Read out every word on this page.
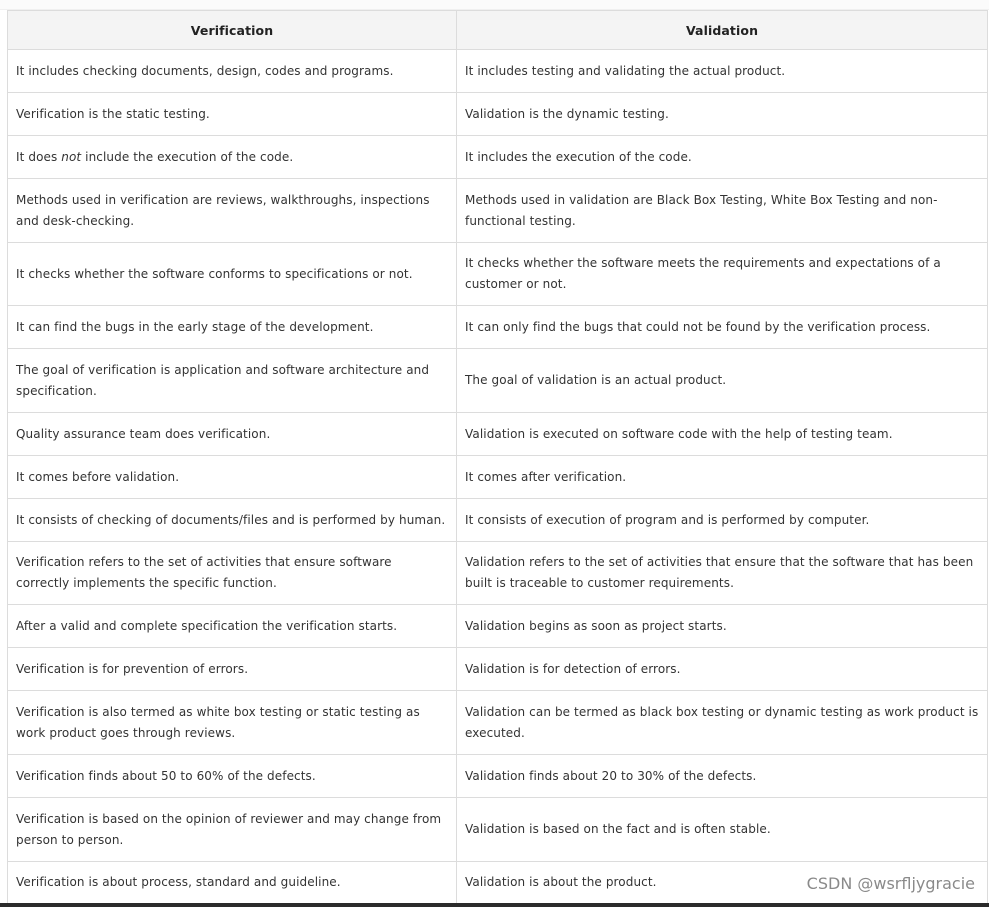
Verification	Validation
It includes checking documents, design, codes and programs.	It includes testing and validating the actual product.
Verification is the static testing.	Validation is the dynamic testing.
It does not include the execution of the code.	It includes the execution of the code.
Methods used in verification are reviews, walkthroughs, inspections and desk-checking.	Methods used in validation are Black Box Testing, White Box Testing and non-functional testing.
It checks whether the software conforms to specifications or not.	It checks whether the software meets the requirements and expectations of a customer or not.
It can find the bugs in the early stage of the development.	It can only find the bugs that could not be found by the verification process.
The goal of verification is application and software architecture and specification.	The goal of validation is an actual product.
Quality assurance team does verification.	Validation is executed on software code with the help of testing team.
It comes before validation.	It comes after verification.
It consists of checking of documents/files and is performed by human.	It consists of execution of program and is performed by computer.
Verification refers to the set of activities that ensure software correctly implements the specific function.	Validation refers to the set of activities that ensure that the software that has been built is traceable to customer requirements.
After a valid and complete specification the verification starts.	Validation begins as soon as project starts.
Verification is for prevention of errors.	Validation is for detection of errors.
Verification is also termed as white box testing or static testing as work product goes through reviews.	Validation can be termed as black box testing or dynamic testing as work product is executed.
Verification finds about 50 to 60% of the defects.	Validation finds about 20 to 30% of the defects.
Verification is based on the opinion of reviewer and may change from person to person.	Validation is based on the fact and is often stable.
Verification is about process, standard and guideline.	Validation is about the product.	CSDN @wsrfljygracie
